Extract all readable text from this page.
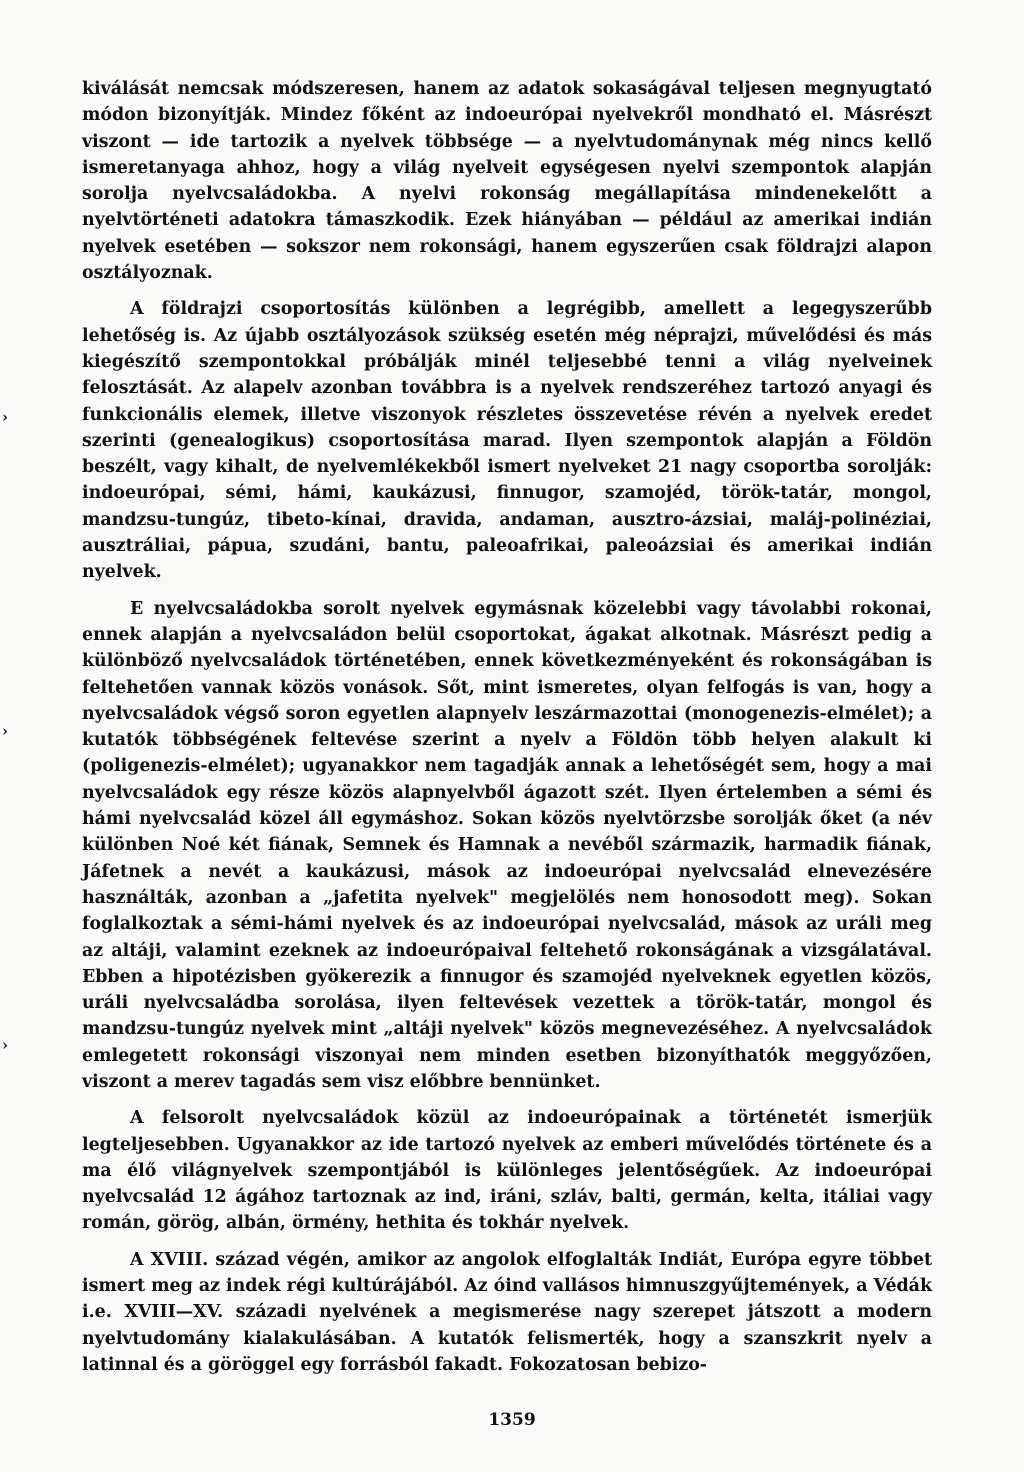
kiválását nemcsak módszeresen, hanem az adatok sokaságával teljesen megnyugtató módon bizonyítják. Mindez főként az indoeurópai nyelvekről mondható el. Másrészt viszont — ide tartozik a nyelvek többsége — a nyelvtudománynak még nincs kellő ismeretanyaga ahhoz, hogy a világ nyelveit egységesen nyelvi szempontok alapján sorolja nyelvcsaládokba. A nyelvi rokonság megállapítása mindenekelőtt a nyelvtörténeti adatokra támaszkodik. Ezek hiányában — például az amerikai indián nyelvek esetében — sokszor nem rokonsági, hanem egyszerűen csak földrajzi alapon osztályoznak.

A földrajzi csoportosítás különben a legrégibb, amellett a legegyszerűbb lehetőség is. Az újabb osztályozások szükség esetén még néprajzi, művelődési és más kiegészítő szempontokkal próbálják minél teljesebbé tenni a világ nyelveinek felosztását. Az alapelv azonban továbbra is a nyelvek rendszeréhez tartozó anyagi és funkcionális elemek, illetve viszonyok részletes összevetése révén a nyelvek eredet szerinti (genealogikus) csoportosítása marad. Ilyen szempontok alapján a Földön beszélt, vagy kihalt, de nyelvemlékekből ismert nyelveket 21 nagy csoportba sorolják: indoeurópai, sémi, hámi, kaukázusi, finnugor, szamojéd, török-tatár, mongol, mandzsu-tungúz, tibeto-kínai, dravida, andaman, ausztro-ázsiai, maláj-polinéziai, ausztráliai, pápua, szudáni, bantu, paleoafrikai, paleoázsiai és amerikai indián nyelvek.

E nyelvcsaládokba sorolt nyelvek egymásnak közelebbi vagy távolabbi rokonai, ennek alapján a nyelvcsaládon belül csoportokat, ágakat alkotnak. Másrészt pedig a különböző nyelvcsaládok történetében, ennek következményeként és rokonságában is feltehetően vannak közös vonások. Sőt, mint ismeretes, olyan felfogás is van, hogy a nyelvcsaládok végső soron egyetlen alapnyelv leszármazottai (monogenezis-elmélet); a kutatók többségének feltevése szerint a nyelv a Földön több helyen alakult ki (poligenezis-elmélet); ugyanakkor nem tagadják annak a lehetőségét sem, hogy a mai nyelvcsaládok egy része közös alapnyelvből ágazott szét. Ilyen értelemben a sémi és hámi nyelvcsalád közel áll egymáshoz. Sokan közös nyelvtörzsbe sorolják őket (a név különben Noé két fiának, Semnek és Hamnak a nevéből származik, harmadik fiának, Jáfetnek a nevét a kaukázusi, mások az indoeurópai nyelvcsalád elnevezésére használták, azonban a „jafetita nyelvek" megjelölés nem honosodott meg). Sokan foglalkoztak a sémi-hámi nyelvek és az indoeurópai nyelvcsalád, mások az uráli meg az altáji, valamint ezeknek az indoeurópaival feltehető rokonságának a vizsgálatával. Ebben a hipotézisben gyökerezik a finnugor és szamojéd nyelveknek egyetlen közös, uráli nyelvcsaládba sorolása, ilyen feltevések vezettek a török-tatár, mongol és mandzsu-tungúz nyelvek mint „altáji nyelvek" közös megnevezéséhez. A nyelvcsaládok emlegetett rokonsági viszonyai nem minden esetben bizonyíthatók meggyőzően, viszont a merev tagadás sem visz előbbre bennünket.

A felsorolt nyelvcsaládok közül az indoeurópainak a történetét ismerjük legteljesebben. Ugyanakkor az ide tartozó nyelvek az emberi művelődés története és a ma élő világnyelvek szempontjából is különleges jelentőségűek. Az indoeurópai nyelvcsalád 12 ágához tartoznak az ind, iráni, szláv, balti, germán, kelta, itáliai vagy román, görög, albán, örmény, hethita és tokhár nyelvek.

A XVIII. század végén, amikor az angolok elfoglalták Indiát, Európa egyre többet ismert meg az indek régi kultúrájából. Az óind vallásos himnuszgyűjtemények, a Védák i.e. XVIII—XV. századi nyelvének a megismerése nagy szerepet játszott a modern nyelvtudomány kialakulásában. A kutatók felismerték, hogy a szanszkrit nyelv a latinnal és a göröggel egy forrásból fakadt. Fokozatosan bebizo-

›
›
›
1359
